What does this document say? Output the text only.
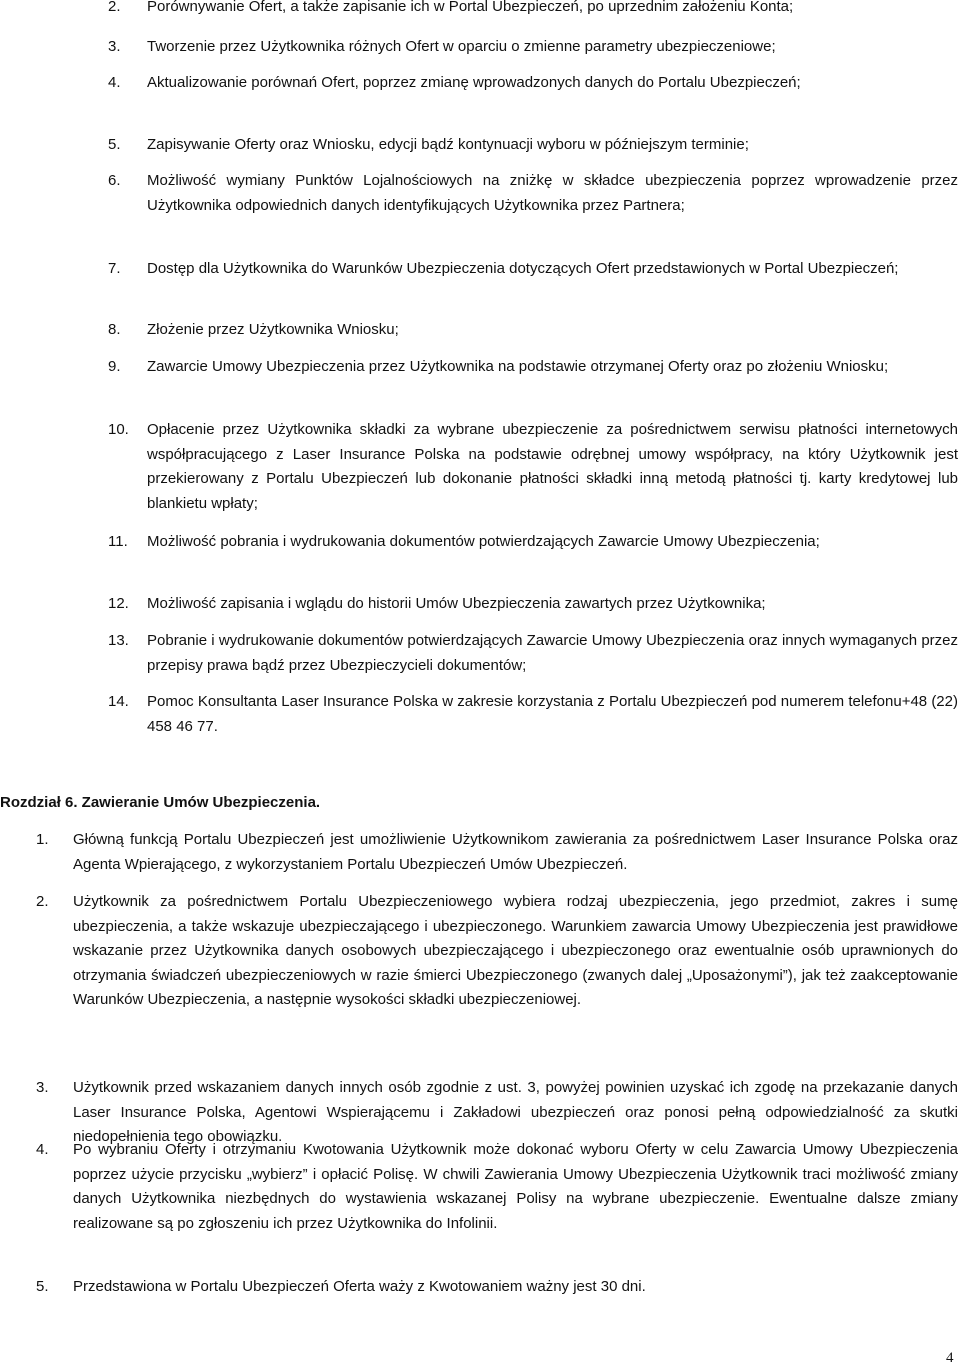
2. Porównywanie Ofert, a także zapisanie ich w Portal Ubezpieczeń, po uprzednim założeniu Konta;
3. Tworzenie przez Użytkownika różnych Ofert w oparciu o zmienne parametry ubezpieczeniowe;
4. Aktualizowanie porównań Ofert, poprzez zmianę wprowadzonych danych do Portalu Ubezpieczeń;
5. Zapisywanie Oferty oraz Wniosku, edycji bądź kontynuacji wyboru w późniejszym terminie;
6. Możliwość wymiany Punktów Lojalnościowych na zniżkę w składce ubezpieczenia poprzez wprowadzenie przez Użytkownika odpowiednich danych identyfikujących Użytkownika przez Partnera;
7. Dostęp dla Użytkownika do Warunków Ubezpieczenia dotyczących Ofert przedstawionych w Portal Ubezpieczeń;
8. Złożenie przez Użytkownika Wniosku;
9. Zawarcie Umowy Ubezpieczenia przez Użytkownika na podstawie otrzymanej Oferty oraz po złożeniu Wniosku;
10. Opłacenie przez Użytkownika składki za wybrane ubezpieczenie za pośrednictwem serwisu płatności internetowych współpracującego z Laser Insurance Polska na podstawie odrębnej umowy współpracy, na który Użytkownik jest przekierowany z Portalu Ubezpieczeń lub dokonanie płatności składki inną metodą płatności tj. karty kredytowej lub blankietu wpłaty;
11. Możliwość pobrania i wydrukowania dokumentów potwierdzających Zawarcie Umowy Ubezpieczenia;
12. Możliwość zapisania i wglądu do historii Umów Ubezpieczenia zawartych przez Użytkownika;
13. Pobranie i wydrukowanie dokumentów potwierdzających Zawarcie Umowy Ubezpieczenia oraz innych wymaganych przez przepisy prawa bądź przez Ubezpieczycieli dokumentów;
14. Pomoc Konsultanta Laser Insurance Polska w zakresie korzystania z Portalu Ubezpieczeń pod numerem telefonu+48 (22) 458 46 77.
Rozdział 6. Zawieranie Umów Ubezpieczenia.
1. Główną funkcją Portalu Ubezpieczeń jest umożliwienie Użytkownikom zawierania za pośrednictwem Laser Insurance Polska oraz Agenta Wpierającego, z wykorzystaniem Portalu Ubezpieczeń Umów Ubezpieczeń.
2. Użytkownik za pośrednictwem Portalu Ubezpieczeniowego wybiera rodzaj ubezpieczenia, jego przedmiot, zakres i sumę ubezpieczenia, a także wskazuje ubezpieczającego i ubezpieczonego. Warunkiem zawarcia Umowy Ubezpieczenia jest prawidłowe wskazanie przez Użytkownika danych osobowych ubezpieczającego i ubezpieczonego oraz ewentualnie osób uprawnionych do otrzymania świadczeń ubezpieczeniowych w razie śmierci Ubezpieczonego (zwanych dalej „Uposażonymi”), jak też zaakceptowanie Warunków Ubezpieczenia, a następnie wysokości składki ubezpieczeniowej.
3. Użytkownik przed wskazaniem danych innych osób zgodnie z ust. 3, powyżej powinien uzyskać ich zgodę na przekazanie danych Laser Insurance Polska, Agentowi Wspierającemu i Zakładowi ubezpieczeń oraz ponosi pełną odpowiedzialność za skutki niedopełnienia tego obowiązku.
4. Po wybraniu Oferty i otrzymaniu Kwotowania Użytkownik może dokonać wyboru Oferty w celu Zawarcia Umowy Ubezpieczenia poprzez użycie przycisku „wybierz” i opłacić Polisę. W chwili Zawierania Umowy Ubezpieczenia Użytkownik traci możliwość zmiany danych Użytkownika niezbędnych do wystawienia wskazanej Polisy na wybrane ubezpieczenie. Ewentualne dalsze zmiany realizowane są po zgłoszeniu ich przez Użytkownika do Infolinii.
5. Przedstawiona w Portalu Ubezpieczeń Oferta waży z Kwotowaniem ważny jest 30 dni.
4
